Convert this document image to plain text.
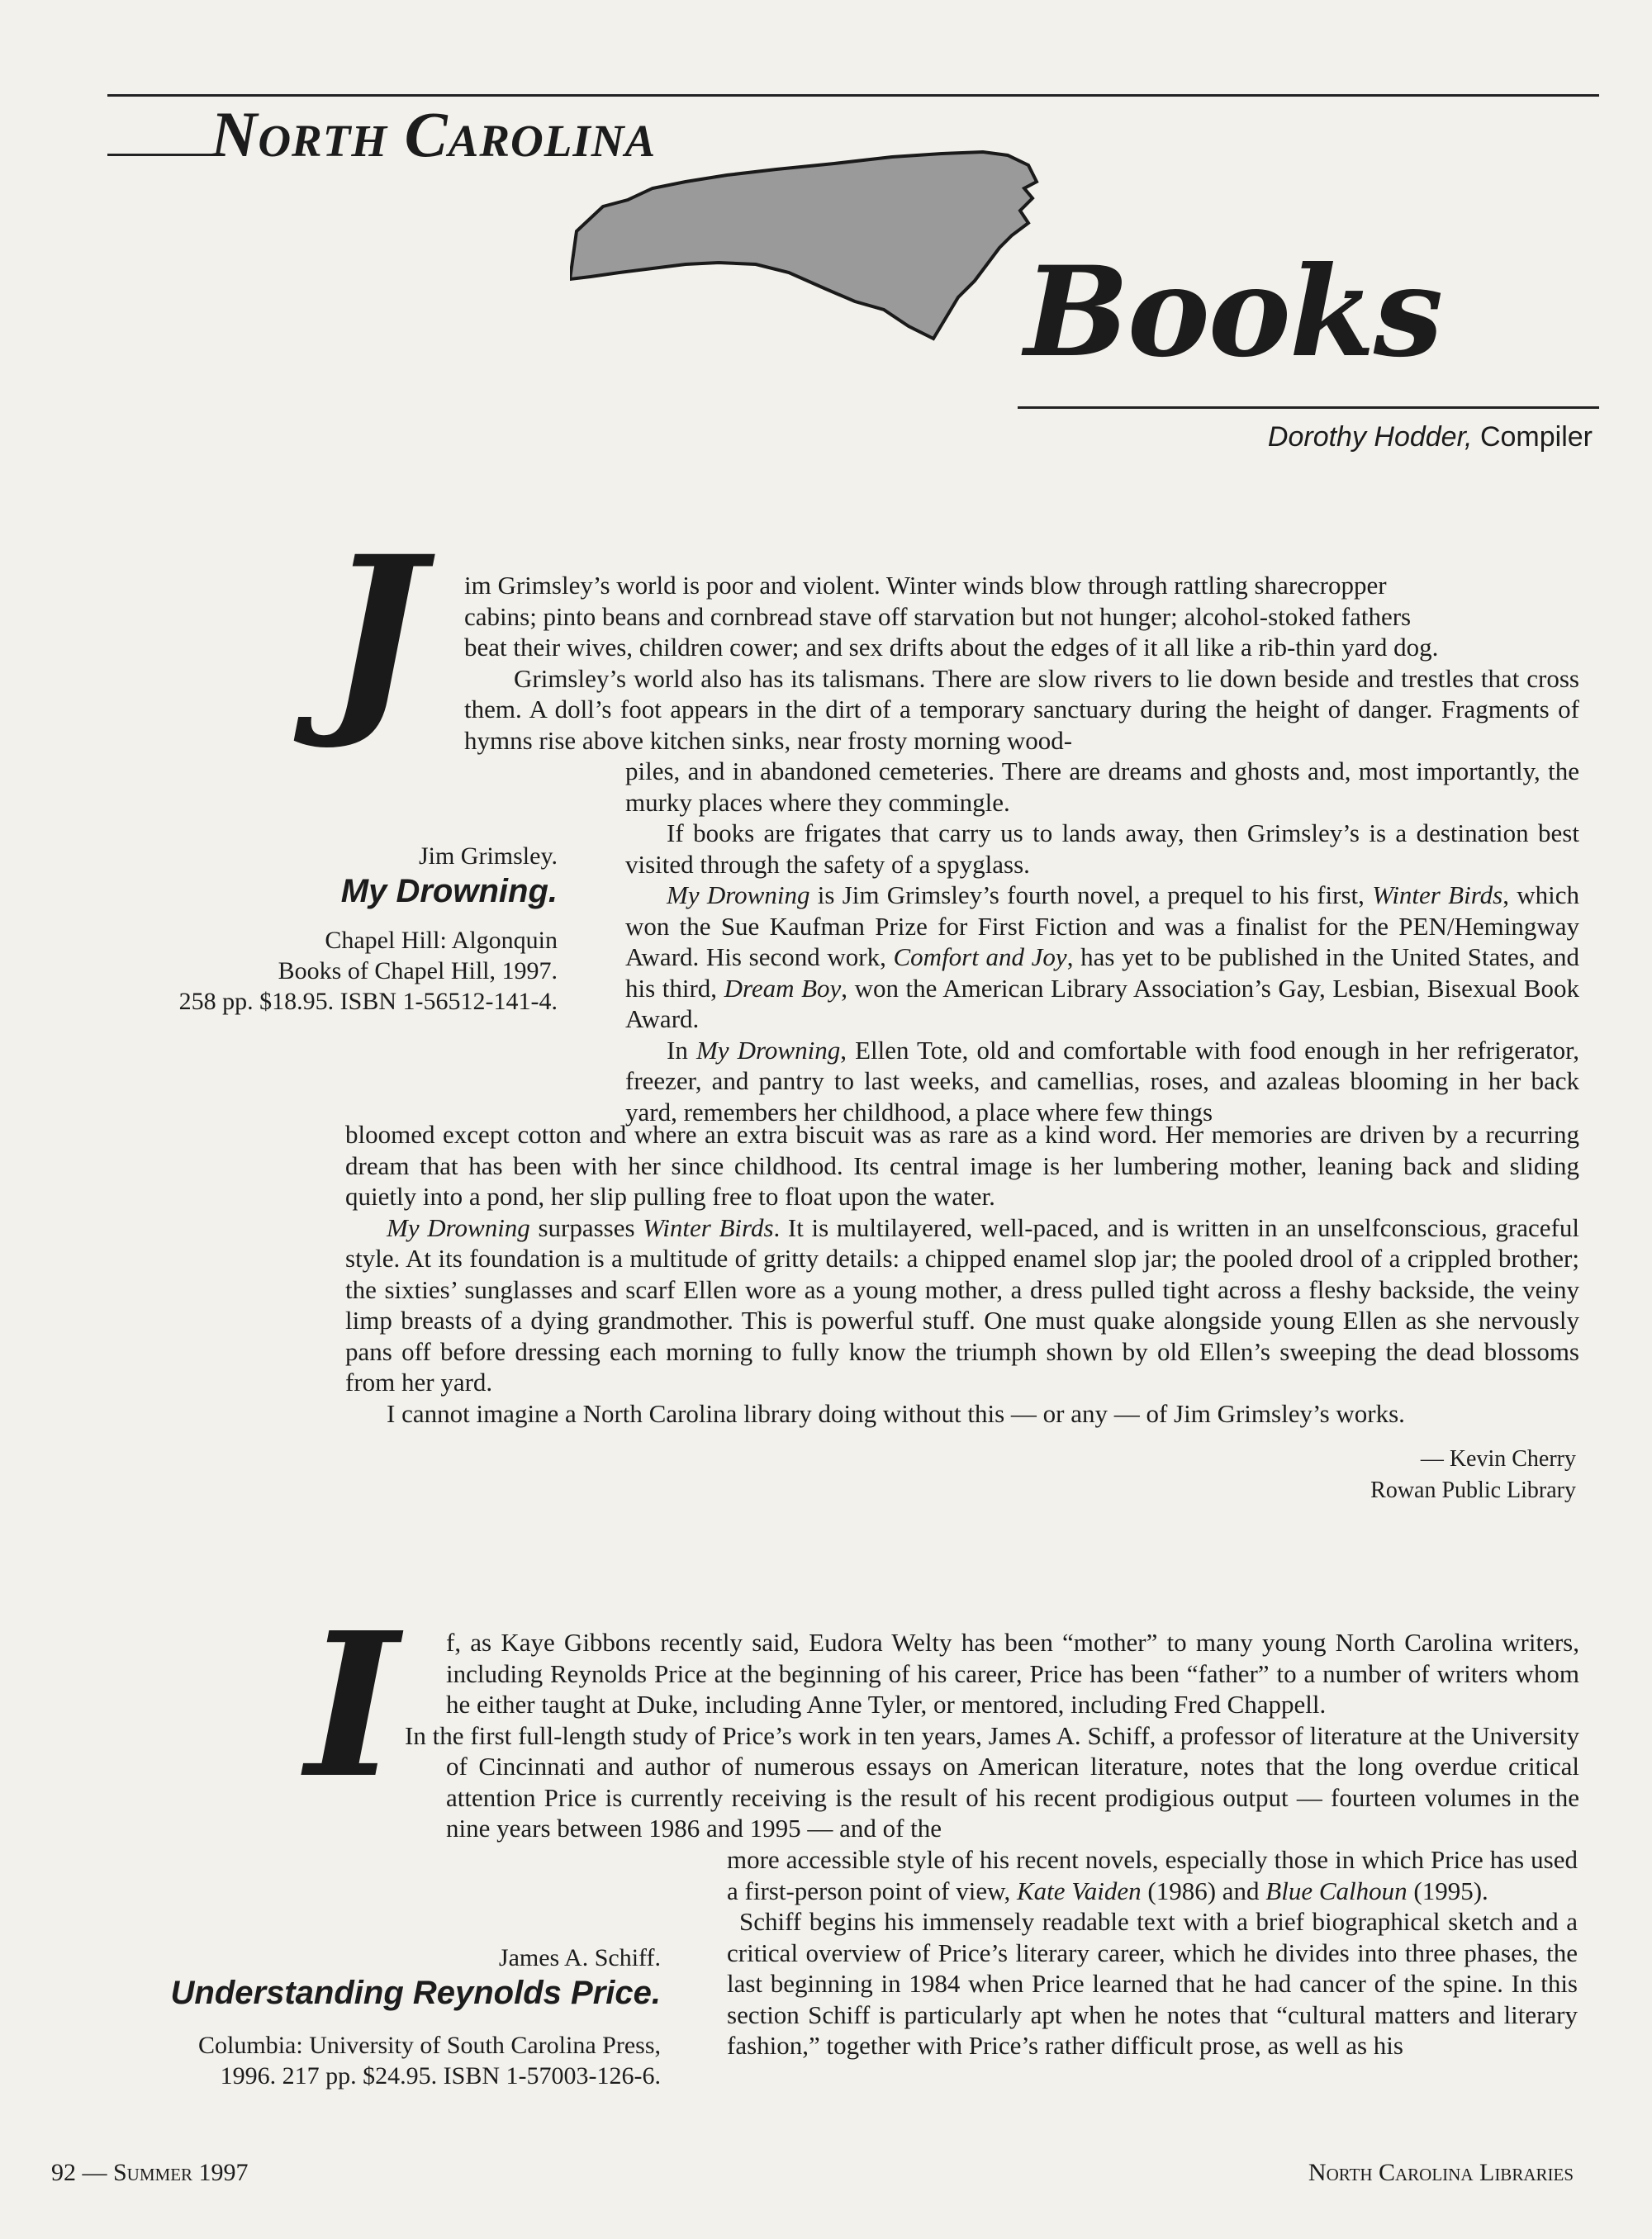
North Carolina
Books
Dorothy Hodder, Compiler
J im Grimsley’s world is poor and violent. Winter winds blow through rattling sharecropper

cabins; pinto beans and cornbread stave off starvation but not hunger; alcohol-stoked fathers

beat their wives, children cower; and sex drifts about the edges of it all like a rib-thin yard dog.

Grimsley’s world also has its talismans. There are slow rivers to lie down beside and trestles that cross them. A doll’s foot appears in the dirt of a temporary sanctuary during the height of danger. Fragments of hymns rise above kitchen sinks, near frosty morning wood-

piles, and in abandoned cemeteries. There are dreams and ghosts and, most importantly, the murky places where they commingle.

If books are frigates that carry us to lands away, then Grimsley’s is a destination best visited through the safety of a spyglass.

My Drowning is Jim Grimsley’s fourth novel, a prequel to his first, Winter Birds, which won the Sue Kaufman Prize for First Fiction and was a finalist for the PEN/Hemingway Award. His second work, Comfort and Joy, has yet to be published in the United States, and his third, Dream Boy, won the American Library Association’s Gay, Lesbian, Bisexual Book Award.

In My Drowning, Ellen Tote, old and comfortable with food enough in her refrigerator, freezer, and pantry to last weeks, and camellias, roses, and azaleas blooming in her back yard, remembers her childhood, a place where few things

Jim Grimsley.

My Drowning.

Chapel Hill: Algonquin

Books of Chapel Hill, 1997.

258 pp. $18.95. ISBN 1-56512-141-4.

bloomed except cotton and where an extra biscuit was as rare as a kind word. Her memories are driven by a recurring dream that has been with her since childhood. Its central image is her lumbering mother, leaning back and sliding quietly into a pond, her slip pulling free to float upon the water.

My Drowning surpasses Winter Birds. It is multilayered, well-paced, and is written in an unselfconscious, graceful style. At its foundation is a multitude of gritty details: a chipped enamel slop jar; the pooled drool of a crippled brother; the sixties’ sunglasses and scarf Ellen wore as a young mother, a dress pulled tight across a fleshy backside, the veiny limp breasts of a dying grandmother. This is powerful stuff. One must quake alongside young Ellen as she nervously pans off before dressing each morning to fully know the triumph shown by old Ellen’s sweeping the dead blossoms from her yard.

I cannot imagine a North Carolina library doing without this — or any — of Jim Grimsley’s works.

— Kevin Cherry
Rowan Public Library
I f, as Kaye Gibbons recently said, Eudora Welty has been “mother” to many young North Carolina writers, including Reynolds Price at the beginning of his career, Price has been “father” to a number of writers whom he either taught at Duke, including Anne Tyler, or mentored, including Fred Chappell.

In the first full-length study of Price’s work in ten years, James A. Schiff, a professor of literature at the University of Cincinnati and author of numerous essays on American literature, notes that the long overdue critical attention Price is currently receiving is the result of his recent prodigious output — fourteen volumes in the nine years between 1986 and 1995 — and of the

James A. Schiff.

Understanding Reynolds Price.

Columbia: University of South Carolina Press,

1996. 217 pp. $24.95. ISBN 1-57003-126-6.

more accessible style of his recent novels, especially those in which Price has used a first-person point of view, Kate Vaiden (1986) and Blue Calhoun (1995).

Schiff begins his immensely readable text with a brief biographical sketch and a critical overview of Price’s literary career, which he divides into three phases, the last beginning in 1984 when Price learned that he had cancer of the spine. In this section Schiff is particularly apt when he notes that “cultural matters and literary fashion,” together with Price’s rather difficult prose, as well as his

92 — Summer 1997	North Carolina Libraries
